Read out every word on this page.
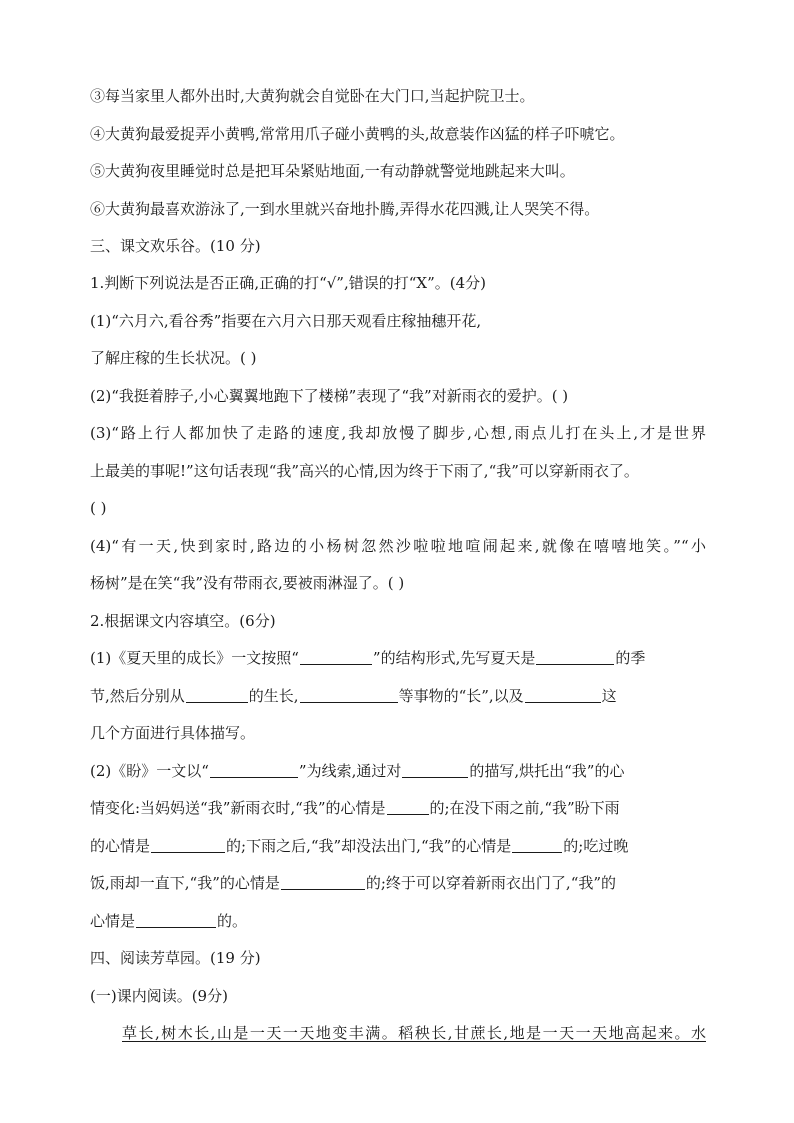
③每当家里人都外出时,大黄狗就会自觉卧在大门口,当起护院卫士。
④大黄狗最爱捉弄小黄鸭,常常用爪子碰小黄鸭的头,故意装作凶猛的样子吓唬它。
⑤大黄狗夜里睡觉时总是把耳朵紧贴地面,一有动静就警觉地跳起来大叫。
⑥大黄狗最喜欢游泳了,一到水里就兴奋地扑腾,弄得水花四溅,让人哭笑不得。
三、课文欢乐谷。(10 分)
1.判断下列说法是否正确,正确的打“√”,错误的打“X”。(4分)
(1)“六月六,看谷秀”指要在六月六日那天观看庄稼抽穗开花,
了解庄稼的生长状况。( )
(2)“我挺着脖子,小心翼翼地跑下了楼梯”表现了“我”对新雨衣的爱护。( )
(3)“路上行人都加快了走路的速度,我却放慢了脚步,心想,雨点儿打在头上,才是世界
上最美的事呢!”这句话表现“我”高兴的心情,因为终于下雨了,“我”可以穿新雨衣了。
( )
(4)“有一天,快到家时,路边的小杨树忽然沙啦啦地喧闹起来,就像在嘻嘻地笑。”“小
杨树”是在笑“我”没有带雨衣,要被雨淋湿了。( )
2.根据课文内容填空。(6分)
(1)《夏天里的成长》一文按照“	”的结构形式,先写夏天是	的季
节,然后分别从	的生长,	等事物的“长”,以及	这
几个方面进行具体描写。
(2)《盼》一文以“	”为线索,通过对	的描写,烘托出“我”的心
情变化:当妈妈送“我”新雨衣时,“我”的心情是	的;在没下雨之前,“我”盼下雨
的心情是	的;下雨之后,“我”却没法出门,“我”的心情是	的;吃过晚
饭,雨却一直下,“我”的心情是	的;终于可以穿着新雨衣出门了,“我”的
心情是	的。
四、阅读芳草园。(19 分)
(一)课内阅读。(9分)
草长,树木长,山是一天一天地变丰满。稻秧长,甘蔗长,地是一天一天地高起来。水
